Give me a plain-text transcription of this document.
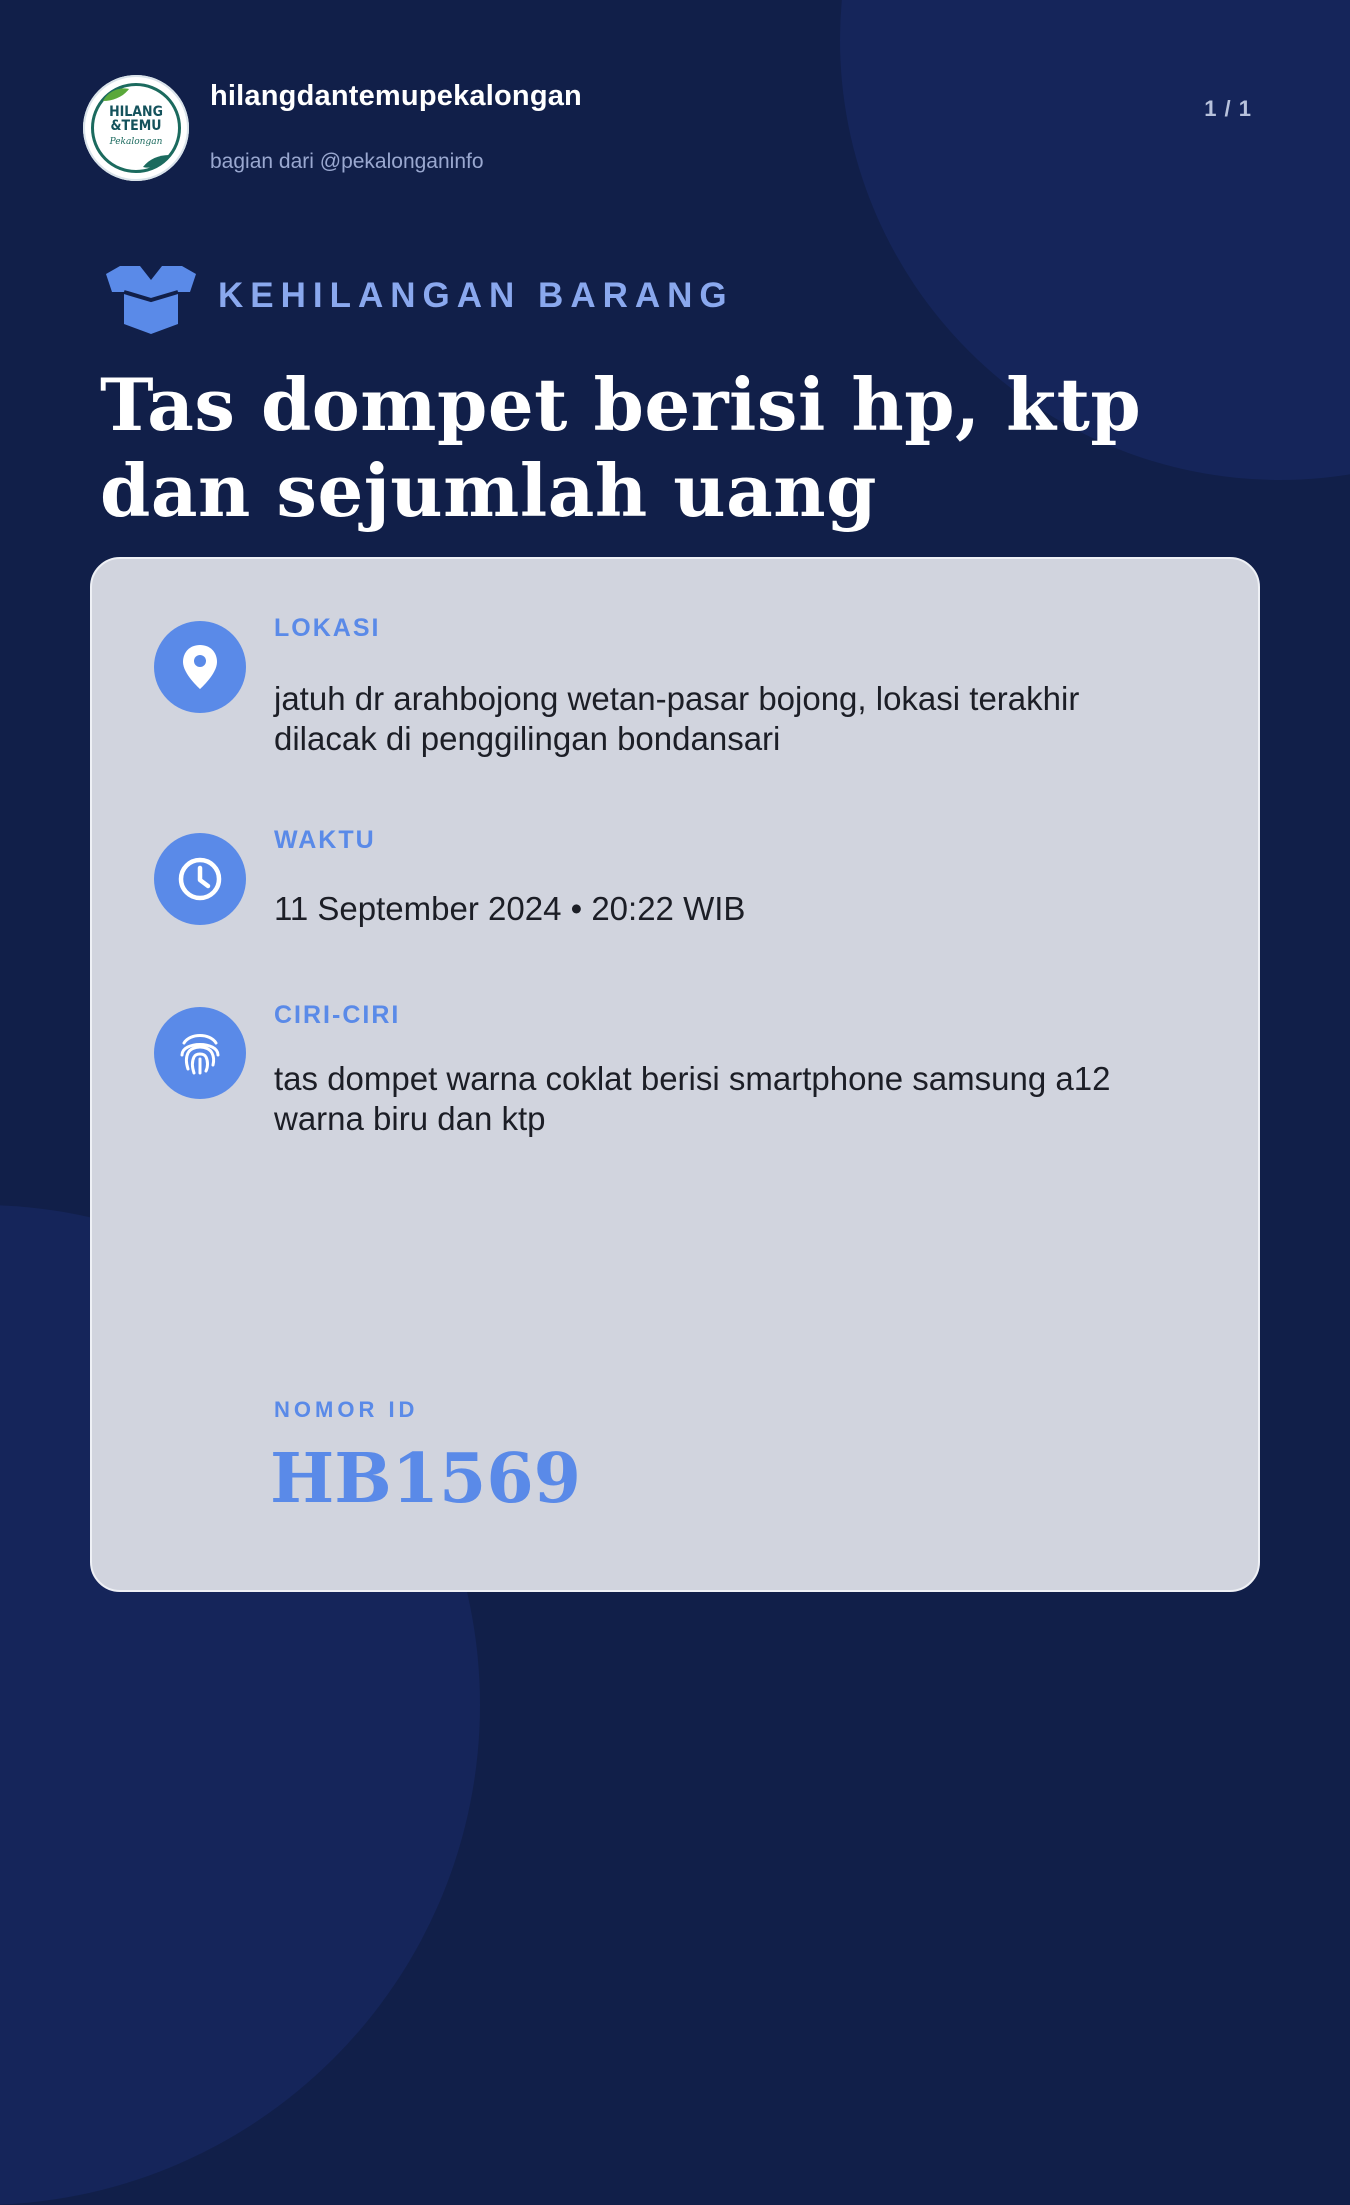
HILANG
&TEMU
Pekalongan
hilangdantemupekalongan
bagian dari @pekalonganinfo
1 / 1
KEHILANGAN BARANG
Tas dompet berisi hp, ktp dan sejumlah uang
LOKASI
jatuh dr arahbojong wetan-pasar bojong, lokasi terakhir dilacak di penggilingan bondansari
WAKTU
11 September 2024 • 20:22 WIB
CIRI-CIRI
tas dompet warna coklat berisi smartphone samsung a12 warna biru dan ktp
NOMOR ID
HB1569
